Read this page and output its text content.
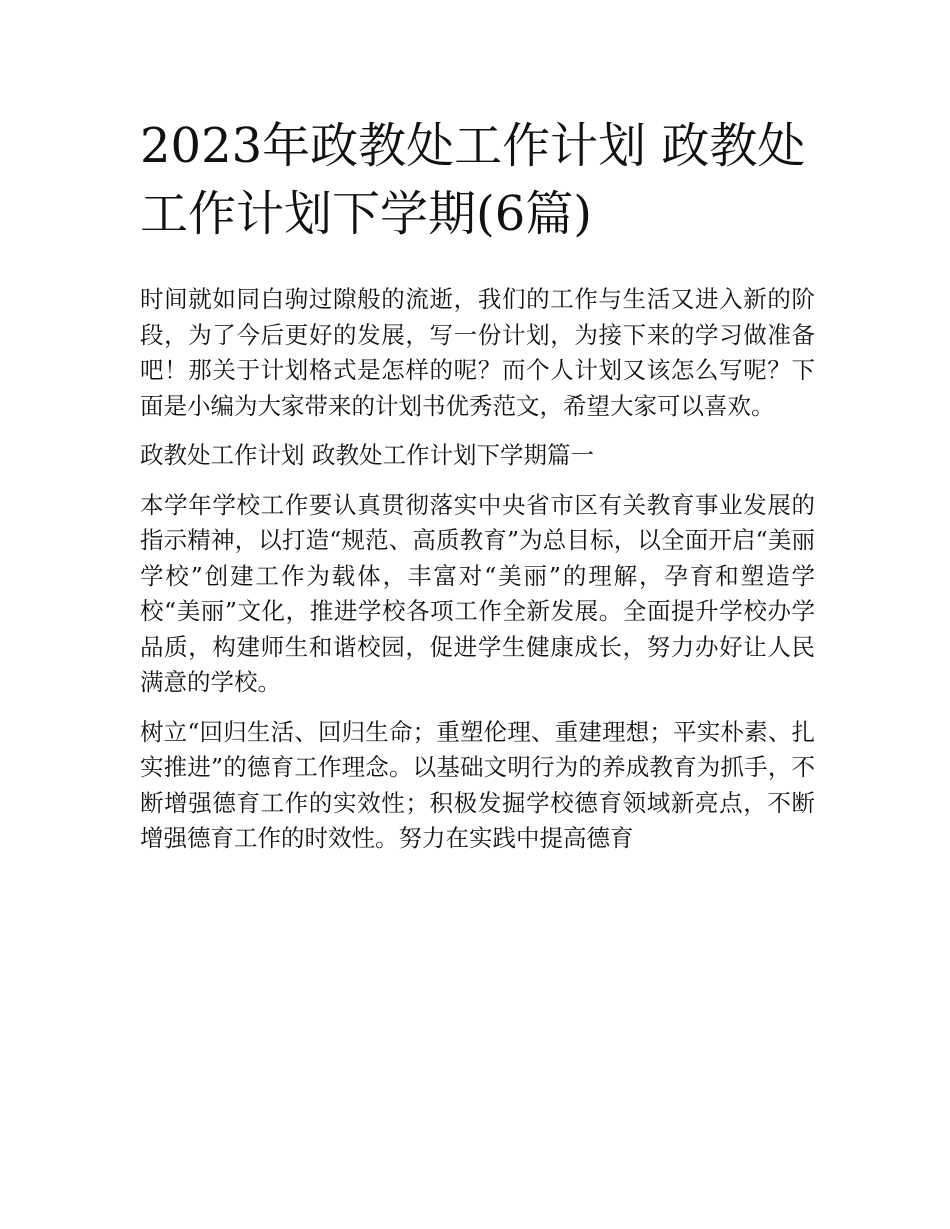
2023年政教处工作计划 政教处工作计划下学期(6篇)

时间就如同白驹过隙般的流逝，我们的工作与生活又进入新的阶段，为了今后更好的发展，写一份计划，为接下来的学习做准备吧！那关于计划格式是怎样的呢？而个人计划又该怎么写呢？下面是小编为大家带来的计划书优秀范文，希望大家可以喜欢。

政教处工作计划 政教处工作计划下学期篇一

本学年学校工作要认真贯彻落实中央省市区有关教育事业发展的指示精神，以打造“规范、高质教育”为总目标，以全面开启“美丽学校”创建工作为载体，丰富对“美丽”的理解，孕育和塑造学校“美丽”文化，推进学校各项工作全新发展。全面提升学校办学品质，构建师生和谐校园，促进学生健康成长，努力办好让人民满意的学校。

树立“回归生活、回归生命；重塑伦理、重建理想；平实朴素、扎实推进”的德育工作理念。以基础文明行为的养成教育为抓手，不断增强德育工作的实效性；积极发掘学校德育领域新亮点，不断增强德育工作的时效性。努力在实践中提高德育
